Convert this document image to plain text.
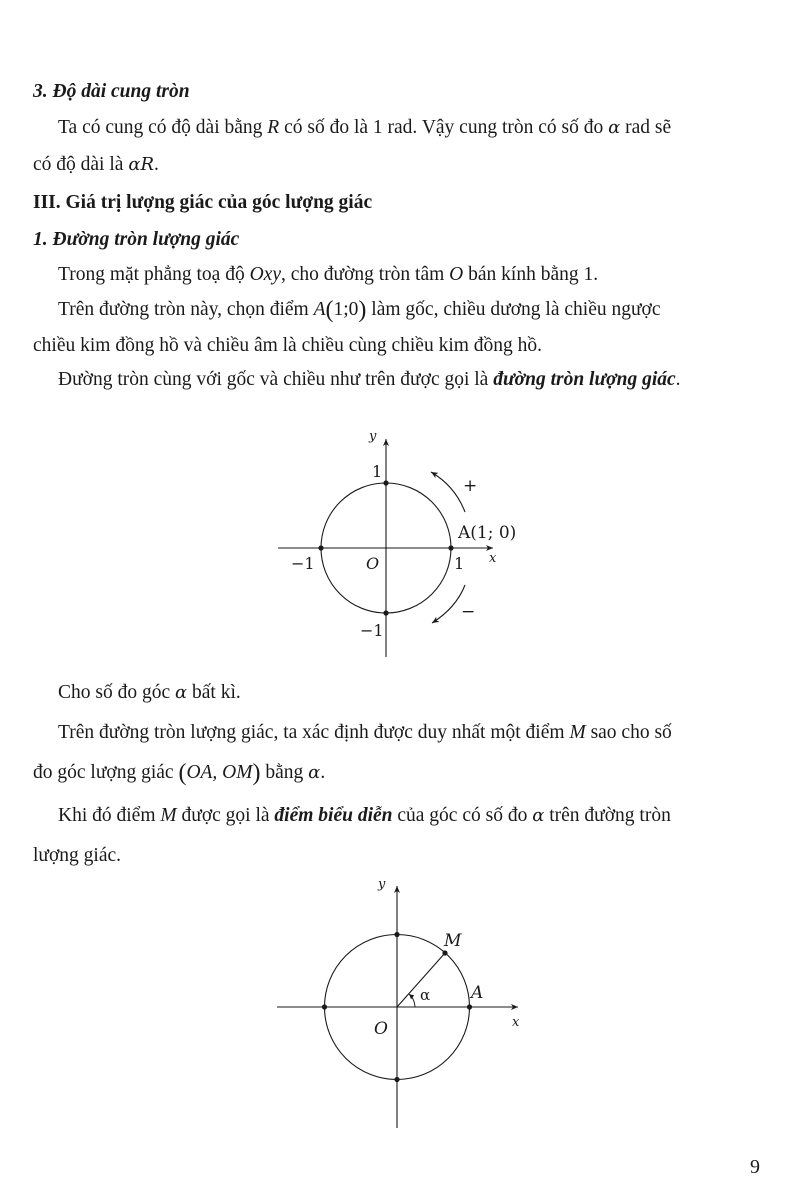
3. Độ dài cung tròn
Ta có cung có độ dài bằng R có số đo là 1 rad. Vậy cung tròn có số đo α rad sẽ
có độ dài là αR.
III. Giá trị lượng giác của góc lượng giác
1. Đường tròn lượng giác
Trong mặt phẳng toạ độ Oxy, cho đường tròn tâm O bán kính bằng 1.
Trên đường tròn này, chọn điểm A(1;0) làm gốc, chiều dương là chiều ngược
chiều kim đồng hồ và chiều âm là chiều cùng chiều kim đồng hồ.
Đường tròn cùng với gốc và chiều như trên được gọi là đường tròn lượng giác.
y
x
O	1
−1
1
−1
A(1; 0)
+
−
Cho số đo góc α bất kì.
Trên đường tròn lượng giác, ta xác định được duy nhất một điểm M sao cho số
đo góc lượng giác (OA, OM) bằng α.
Khi đó điểm M được gọi là điểm biểu diễn của góc có số đo α trên đường tròn
lượng giác.
y
x
O
M
A
α
9
